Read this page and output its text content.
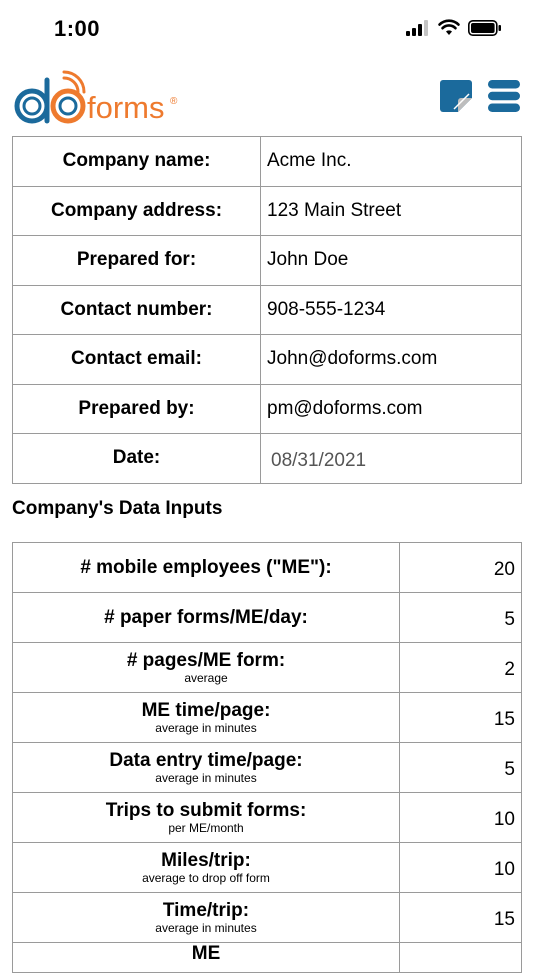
1:00
forms ®
Company name:	Acme Inc.
Company address:	123 Main Street
Prepared for:	John Doe
Contact number:	908-555-1234
Contact email:	John@doforms.com
Prepared by:	pm@doforms.com
Date:	08/31/2021
Company's Data Inputs
# mobile employees ("ME"):	20
# paper forms/ME/day:	5
# pages/ME form:
average	2
ME time/page:
average in minutes	15
Data entry time/page:
average in minutes	5
Trips to submit forms:
per ME/month	10
Miles/trip:
average to drop off form	10
Time/trip:
average in minutes	15
ME	
